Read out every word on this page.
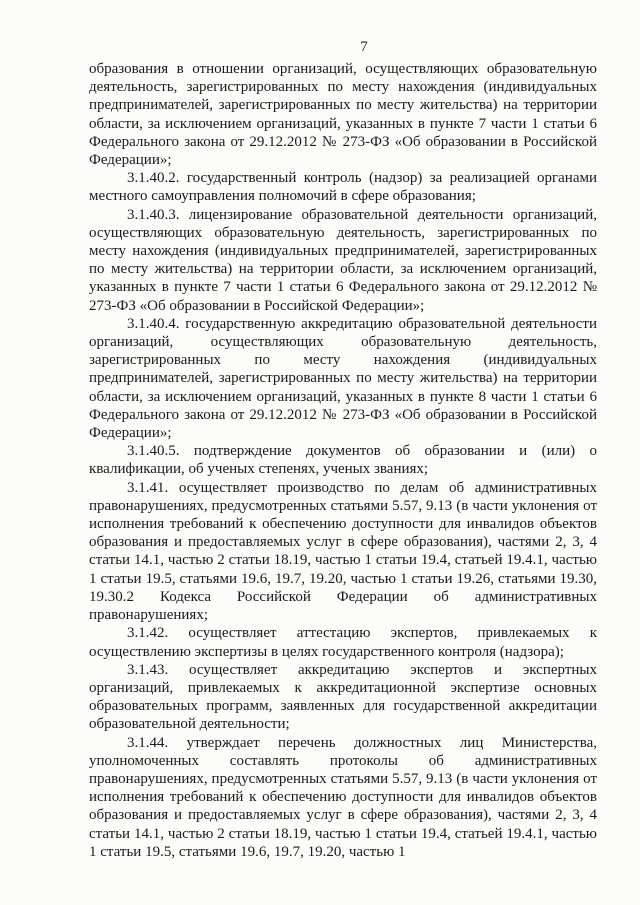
7

образования в отношении организаций, осуществляющих образовательную деятельность, зарегистрированных по месту нахождения (индивидуальных предпринимателей, зарегистрированных по месту жительства) на территории области, за исключением организаций, указанных в пункте 7 части 1 статьи 6 Федерального закона от 29.12.2012 № 273-ФЗ «Об образовании в Российской Федерации»;

3.1.40.2. государственный контроль (надзор) за реализацией органами местного самоуправления полномочий в сфере образования;

3.1.40.3. лицензирование образовательной деятельности организаций, осуществляющих образовательную деятельность, зарегистрированных по месту нахождения (индивидуальных предпринимателей, зарегистрированных по месту жительства) на территории области, за исключением организаций, указанных в пункте 7 части 1 статьи 6 Федерального закона от 29.12.2012 № 273-ФЗ «Об образовании в Российской Федерации»;

3.1.40.4. государственную аккредитацию образовательной деятельности организаций, осуществляющих образовательную деятельность, зарегистрированных по месту нахождения (индивидуальных предпринимателей, зарегистрированных по месту жительства) на территории области, за исключением организаций, указанных в пункте 8 части 1 статьи 6 Федерального закона от 29.12.2012 № 273-ФЗ «Об образовании в Российской Федерации»;

3.1.40.5. подтверждение документов об образовании и (или) о квалификации, об ученых степенях, ученых званиях;

3.1.41. осуществляет производство по делам об административных правонарушениях, предусмотренных статьями 5.57, 9.13 (в части уклонения от исполнения требований к обеспечению доступности для инвалидов объектов образования и предоставляемых услуг в сфере образования), частями 2, 3, 4 статьи 14.1, частью 2 статьи 18.19, частью 1 статьи 19.4, статьей 19.4.1, частью 1 статьи 19.5, статьями 19.6, 19.7, 19.20, частью 1 статьи 19.26, статьями 19.30, 19.30.2 Кодекса Российской Федерации об административных правонарушениях;

3.1.42. осуществляет аттестацию экспертов, привлекаемых к осуществлению экспертизы в целях государственного контроля (надзора);

3.1.43. осуществляет аккредитацию экспертов и экспертных организаций, привлекаемых к аккредитационной экспертизе основных образовательных программ, заявленных для государственной аккредитации образовательной деятельности;

3.1.44. утверждает перечень должностных лиц Министерства, уполномоченных составлять протоколы об административных правонарушениях, предусмотренных статьями 5.57, 9.13 (в части уклонения от исполнения требований к обеспечению доступности для инвалидов объектов образования и предоставляемых услуг в сфере образования), частями 2, 3, 4 статьи 14.1, частью 2 статьи 18.19, частью 1 статьи 19.4, статьей 19.4.1, частью 1 статьи 19.5, статьями 19.6, 19.7, 19.20, частью 1
